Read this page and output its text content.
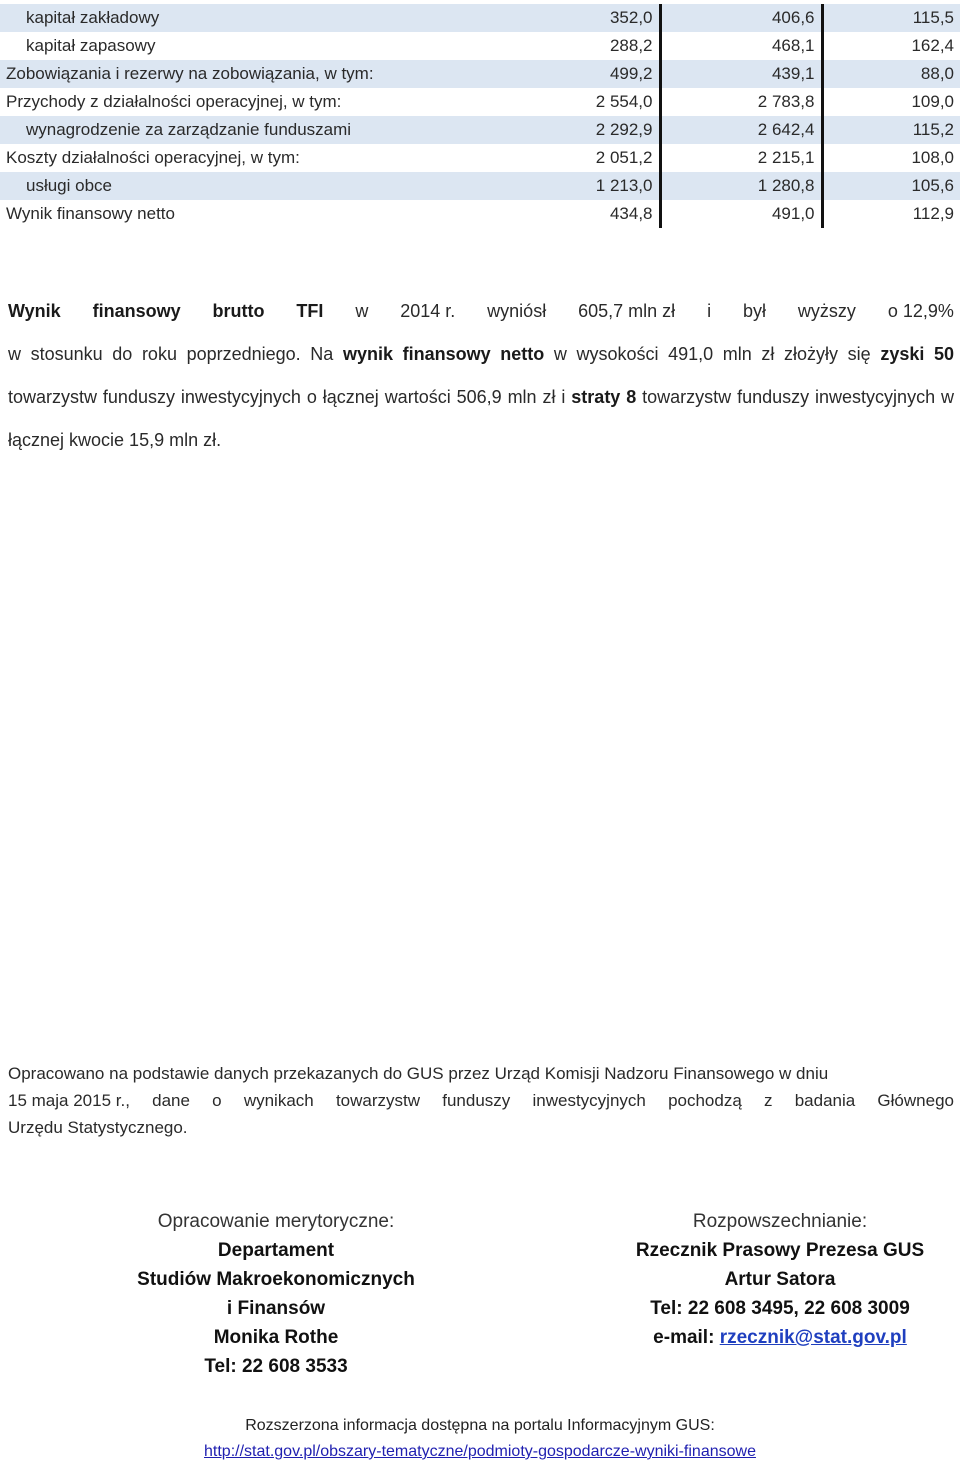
kapitał zakładowy	352,0	406,6	115,5
kapitał zapasowy	288,2	468,1	162,4
Zobowiązania i rezerwy na zobowiązania, w tym:	499,2	439,1	88,0
Przychody z działalności operacyjnej, w tym:	2 554,0	2 783,8	109,0
wynagrodzenie za zarządzanie funduszami	2 292,9	2 642,4	115,2
Koszty działalności operacyjnej, w tym:	2 051,2	2 215,1	108,0
usługi obce	1 213,0	1 280,8	105,6
Wynik finansowy netto	434,8	491,0	112,9
Wynik finansowy brutto TFI w 2014 r. wyniósł 605,7 mln zł i był wyższy o 12,9%
w stosunku do roku poprzedniego. Na wynik finansowy netto w wysokości 491,0 mln zł złożyły się zyski 50 towarzystw funduszy inwestycyjnych o łącznej wartości 506,9 mln zł i straty 8 towarzystw funduszy inwestycyjnych w łącznej kwocie 15,9 mln zł.
Opracowano na podstawie danych przekazanych do GUS przez Urząd Komisji Nadzoru Finansowego w dniu
15 maja 2015 r., dane o wynikach towarzystw funduszy inwestycyjnych pochodzą z badania Głównego
Urzędu Statystycznego.
Opracowanie merytoryczne:
Departament
Studiów Makroekonomicznych
i Finansów
Monika Rothe
Tel: 22 608 3533
Rozpowszechnianie:
Rzecznik Prasowy Prezesa GUS
Artur Satora
Tel: 22 608 3495, 22 608 3009
e-mail: rzecznik@stat.gov.pl
Rozszerzona informacja dostępna na portalu Informacyjnym GUS:
http://stat.gov.pl/obszary-tematyczne/podmioty-gospodarcze-wyniki-finansowe
